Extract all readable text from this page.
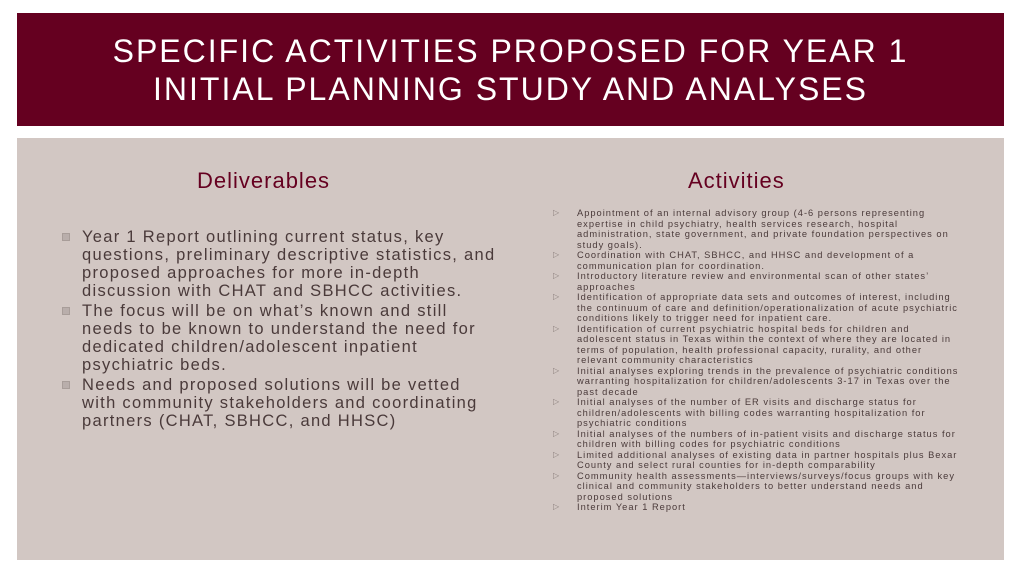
SPECIFIC ACTIVITIES PROPOSED FOR YEAR 1
INITIAL PLANNING STUDY AND ANALYSES
Deliverables	Activities
Year 1 Report outlining current status, key questions, preliminary descriptive statistics, and proposed approaches for more in-depth discussion with CHAT and SBHCC activities.
The focus will be on what’s known and still needs to be known to understand the need for dedicated children/adolescent inpatient psychiatric beds.
Needs and proposed solutions will be vetted with community stakeholders and coordinating partners (CHAT, SBHCC, and HHSC)
▷ Appointment of an internal advisory group (4-6 persons representing expertise in child psychiatry, health services research, hospital administration, state government, and private foundation perspectives on study goals).
▷ Coordination with CHAT, SBHCC, and HHSC and development of a communication plan for coordination.
▷ Introductory literature review and environmental scan of other states’ approaches
▷ Identification of appropriate data sets and outcomes of interest, including the continuum of care and definition/operationalization of acute psychiatric conditions likely to trigger need for inpatient care.
▷ Identification of current psychiatric hospital beds for children and adolescent status in Texas within the context of where they are located in terms of population, health professional capacity, rurality, and other relevant community characteristics
▷ Initial analyses exploring trends in the prevalence of psychiatric conditions warranting hospitalization for children/adolescents 3-17 in Texas over the past decade
▷ Initial analyses of the number of ER visits and discharge status for children/adolescents with billing codes warranting hospitalization for psychiatric conditions
▷ Initial analyses of the numbers of in-patient visits and discharge status for children with billing codes for psychiatric conditions
▷ Limited additional analyses of existing data in partner hospitals plus Bexar County and select rural counties for in-depth comparability
▷ Community health assessments—interviews/surveys/focus groups with key clinical and community stakeholders to better understand needs and proposed solutions
▷ Interim Year 1 Report
